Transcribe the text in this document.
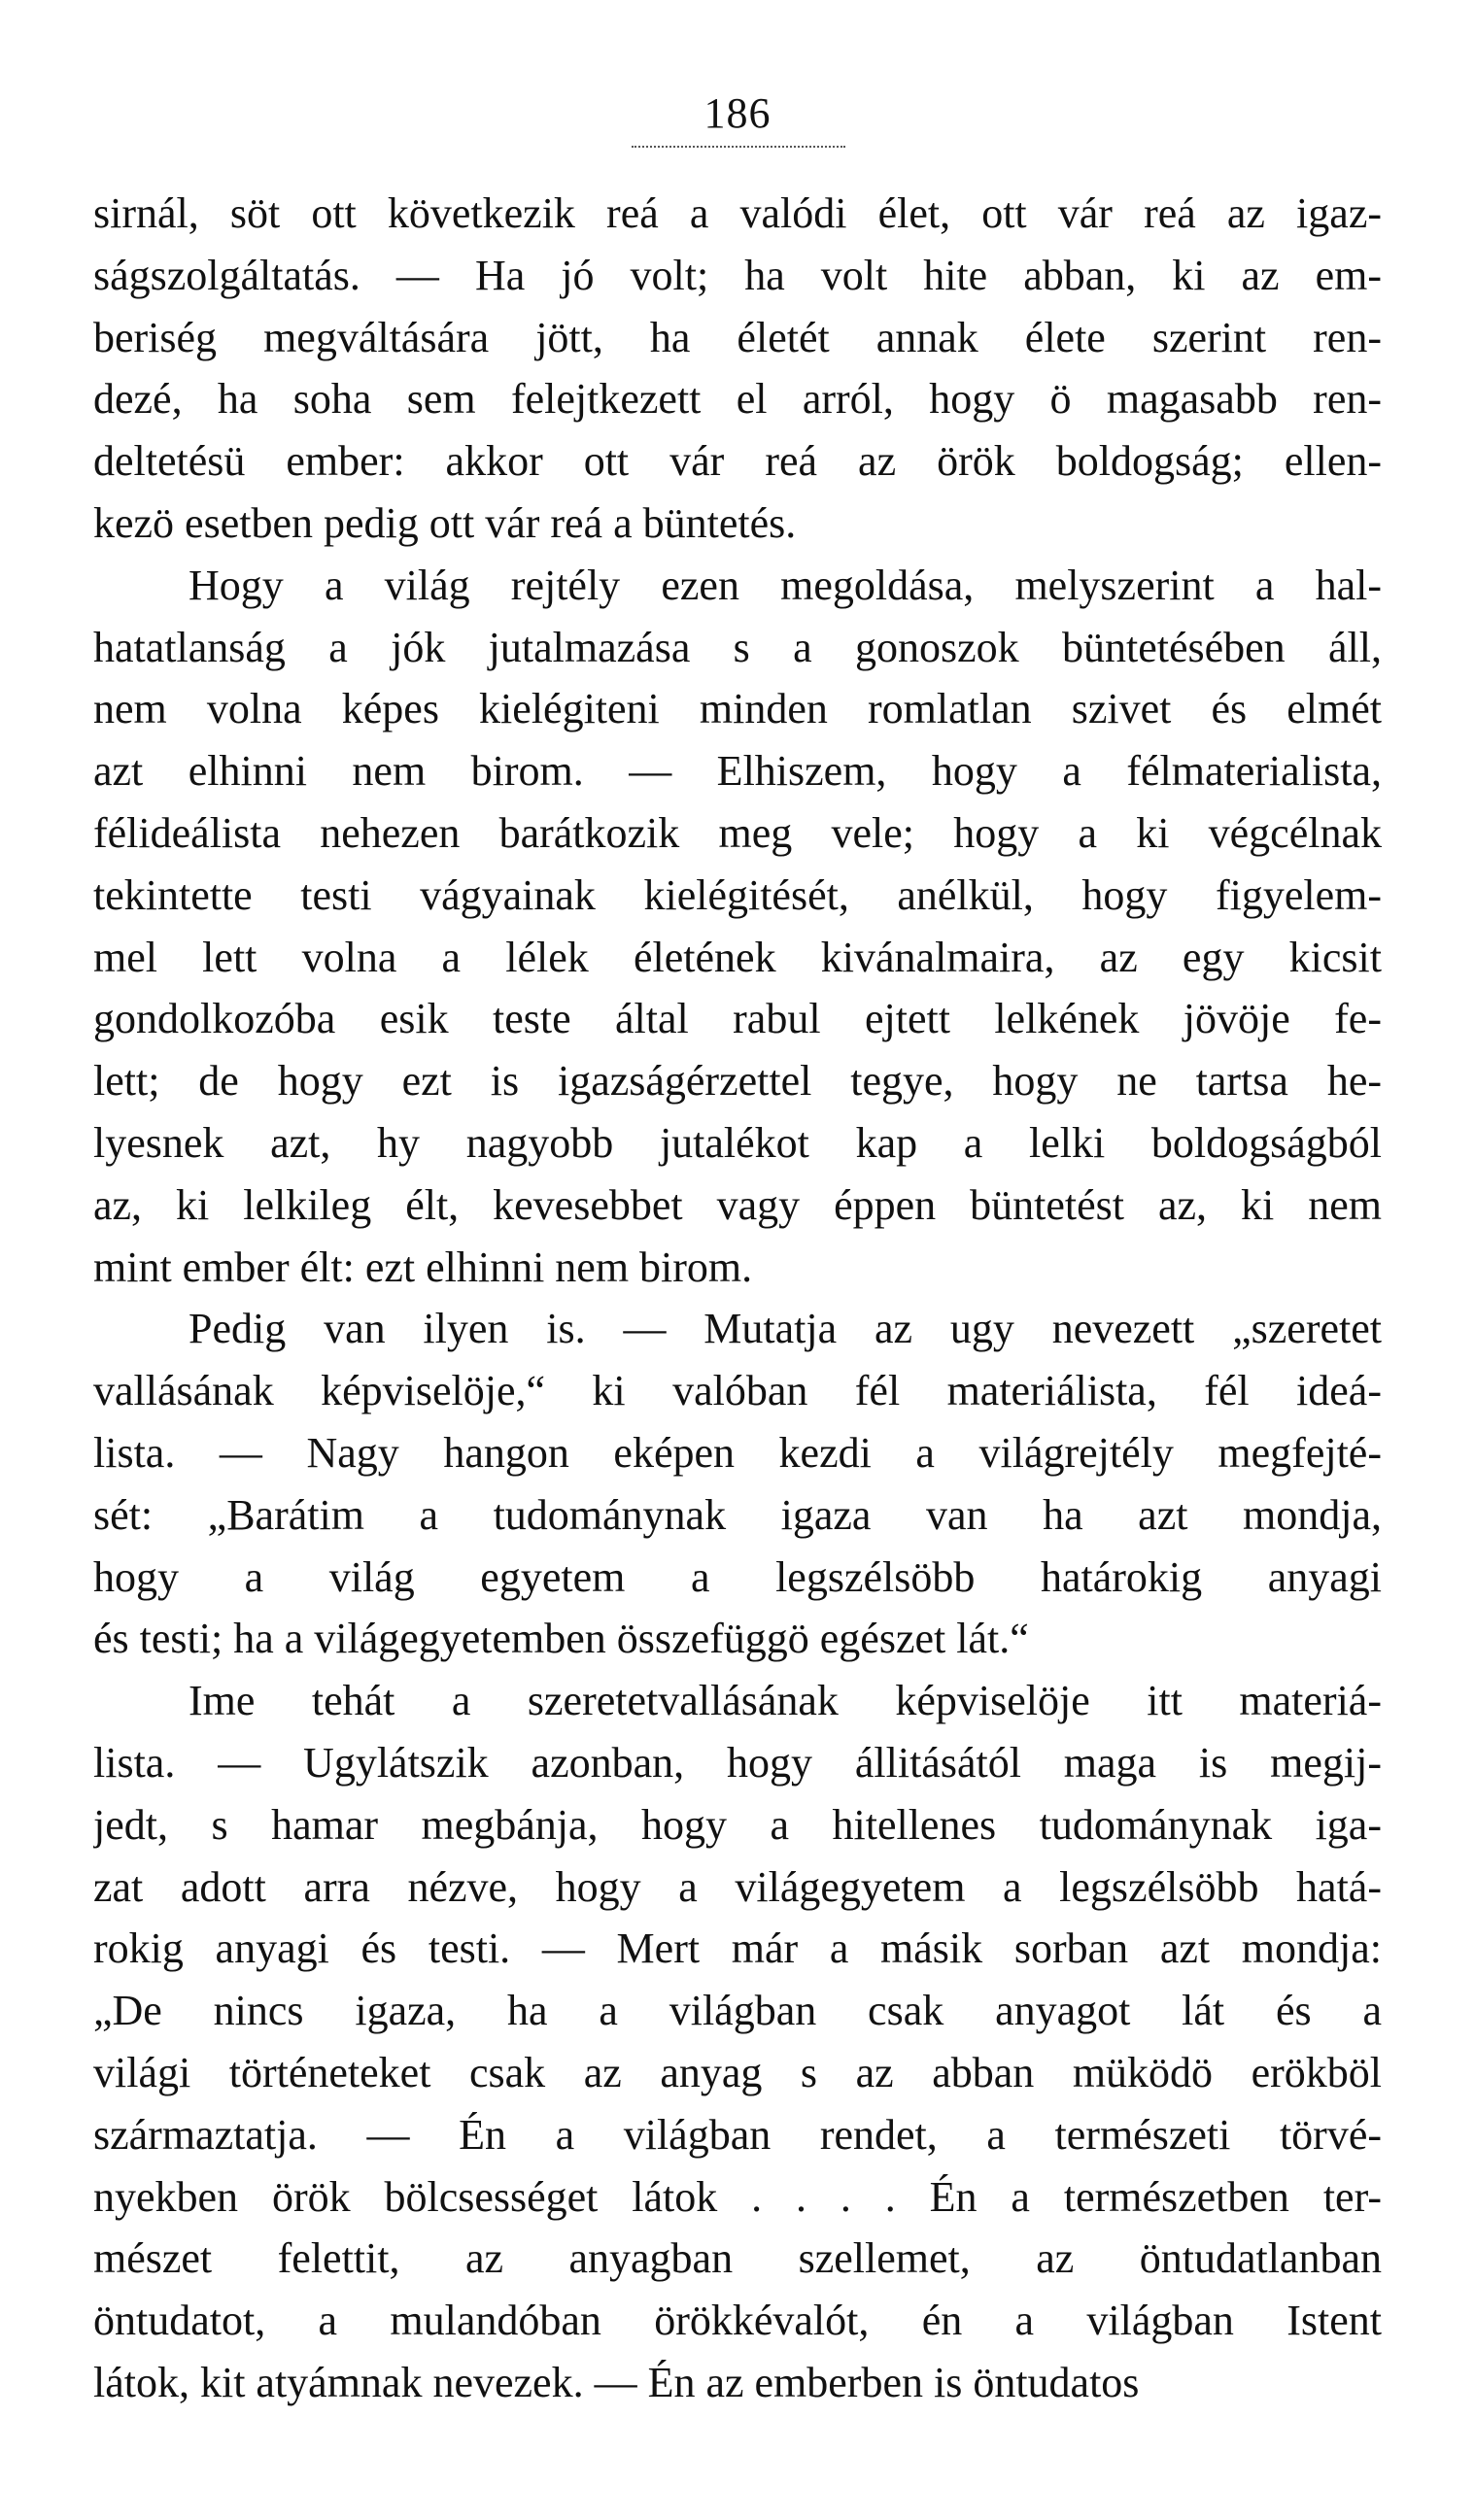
186
sirnál, söt ott következik reá a valódi élet, ott vár reá az igaz-
ságszolgáltatás. — Ha jó volt; ha volt hite abban, ki az em-
beriség megváltására jött, ha életét annak élete szerint ren-
dezé, ha soha sem felejtkezett el arról, hogy ö magasabb ren-
deltetésü ember: akkor ott vár reá az örök boldogság; ellen-
kezö esetben pedig ott vár reá a büntetés.
Hogy a világ rejtély ezen megoldása, melyszerint a hal-
hatatlanság a jók jutalmazása s a gonoszok büntetésében áll,
nem volna képes kielégiteni minden romlatlan szivet és elmét
azt elhinni nem birom. — Elhiszem, hogy a félmaterialista,
félideálista nehezen barátkozik meg vele; hogy a ki végcélnak
tekintette testi vágyainak kielégitését, anélkül, hogy figyelem-
mel lett volna a lélek életének kivánalmaira, az egy kicsit
gondolkozóba esik teste által rabul ejtett lelkének jövöje fe-
lett; de hogy ezt is igazságérzettel tegye, hogy ne tartsa he-
lyesnek azt, hy nagyobb jutalékot kap a lelki boldogságból
az, ki lelkileg élt, kevesebbet vagy éppen büntetést az, ki nem
mint ember élt: ezt elhinni nem birom.
Pedig van ilyen is. — Mutatja az ugy nevezett „szeretet
vallásának képviselöje,“ ki valóban fél materiálista, fél ideá-
lista. — Nagy hangon eképen kezdi a világrejtély megfejté-
sét: „Barátim a tudománynak igaza van ha azt mondja,
hogy a világ egyetem a legszélsöbb határokig anyagi
és testi; ha a világegyetemben összefüggö egészet lát.“
Ime tehát a szeretetvallásának képviselöje itt materiá-
lista. — Ugylátszik azonban, hogy állitásától maga is megij-
jedt, s hamar megbánja, hogy a hitellenes tudománynak iga-
zat adott arra nézve, hogy a világegyetem a legszélsöbb hatá-
rokig anyagi és testi. — Mert már a másik sorban azt mondja:
„De nincs igaza, ha a világban csak anyagot lát és a
világi történeteket csak az anyag s az abban müködö erökböl
származtatja. — Én a világban rendet, a természeti törvé-
nyekben örök bölcsességet látok . . . . Én a természetben ter-
mészet felettit, az anyagban szellemet, az öntudatlanban
öntudatot, a mulandóban örökkévalót, én a világban Istent
látok, kit atyámnak nevezek. — Én az emberben is öntudatos
